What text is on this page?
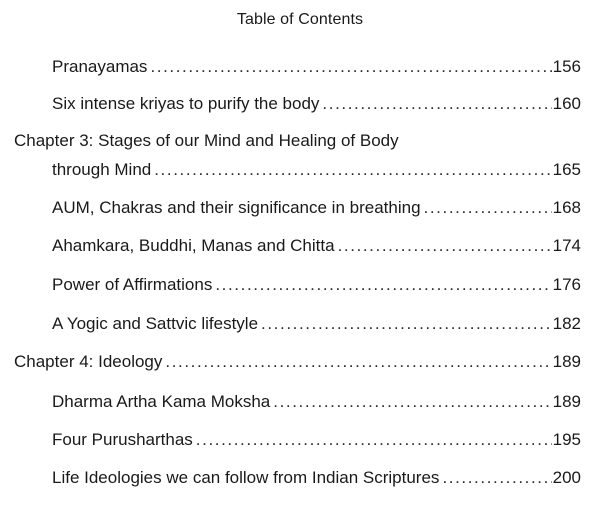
Table of Contents
Pranayamas .....	156
Six intense kriyas to purify the body .....	160
Chapter 3: Stages of our Mind and Healing of Body
through Mind .....	165
AUM, Chakras and their significance in breathing .....	168
Ahamkara, Buddhi, Manas and Chitta .....	174
Power of Affirmations .....	176
A Yogic and Sattvic lifestyle .....	182
Chapter 4: Ideology .....	189
Dharma Artha Kama Moksha .....	189
Four Purusharthas .....	195
Life Ideologies we can follow from Indian Scriptures .....	200
